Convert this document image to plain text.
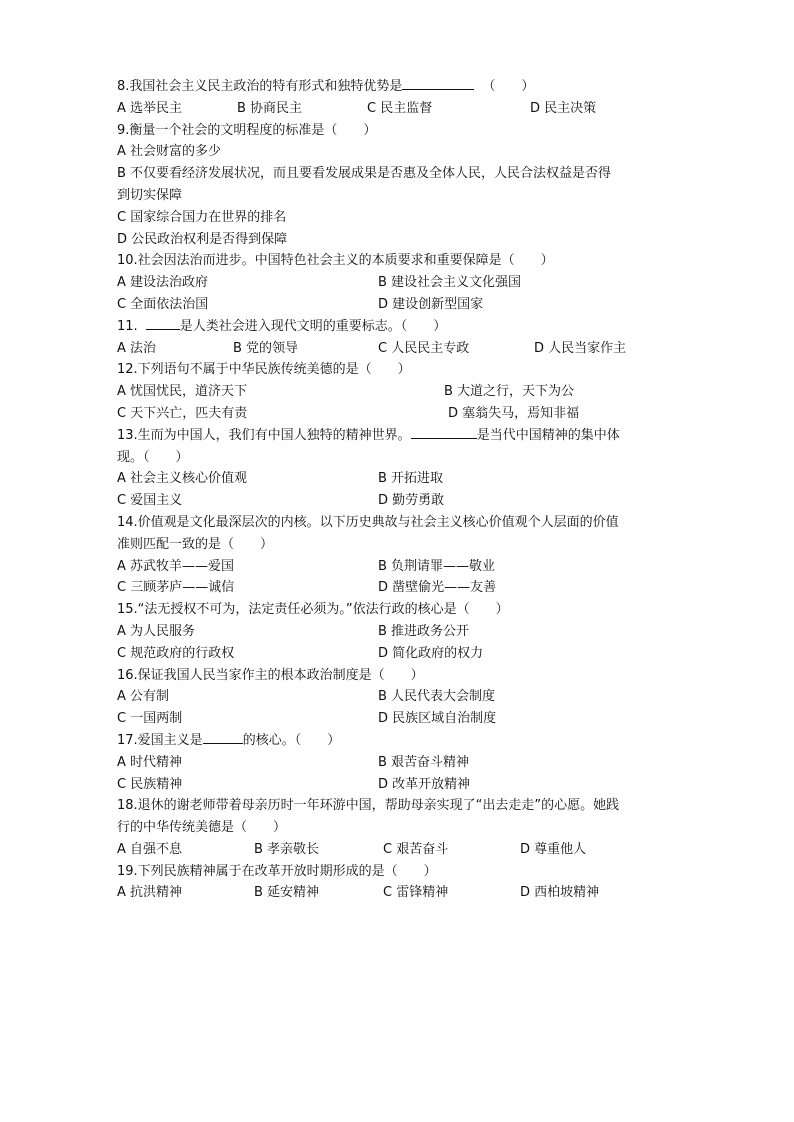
8.我国社会主义民主政治的特有形式和独特优势是	（　　）
A 选举民主	B 协商民主	C 民主监督	D 民主决策
9.衡量一个社会的文明程度的标准是（　　）
A 社会财富的多少
B 不仅要看经济发展状况，而且要看发展成果是否惠及全体人民，人民合法权益是否得
到切实保障
C 国家综合国力在世界的排名
D 公民政治权利是否得到保障
10.社会因法治而进步。中国特色社会主义的本质要求和重要保障是（　　）
A 建设法治政府	B 建设社会主义文化强国
C 全面依法治国	D 建设创新型国家
11.	是人类社会进入现代文明的重要标志。（　　）
A 法治	B 党的领导	C 人民民主专政	D 人民当家作主
12.下列语句不属于中华民族传统美德的是（　　）
A 忧国忧民，道济天下	B 大道之行，天下为公
C 天下兴亡，匹夫有责	D 塞翁失马，焉知非福
13.生而为中国人，我们有中国人独特的精神世界。	是当代中国精神的集中体
现。（　　）
A 社会主义核心价值观	B 开拓进取
C 爱国主义	D 勤劳勇敢
14.价值观是文化最深层次的内核。以下历史典故与社会主义核心价值观个人层面的价值
准则匹配一致的是（　　）
A 苏武牧羊——爱国	B 负荆请罪——敬业
C 三顾茅庐——诚信	D 凿壁偷光——友善
15.“法无授权不可为，法定责任必须为。”依法行政的核心是（　　）
A 为人民服务	B 推进政务公开
C 规范政府的行政权	D 简化政府的权力
16.保证我国人民当家作主的根本政治制度是（　　）
A 公有制	B 人民代表大会制度
C 一国两制	D 民族区域自治制度
17.爱国主义是	的核心。（　　）
A 时代精神	B 艰苦奋斗精神
C 民族精神	D 改革开放精神
18.退休的谢老师带着母亲历时一年环游中国，帮助母亲实现了“出去走走”的心愿。她践
行的中华传统美德是（　　）
A 自强不息	B 孝亲敬长	C 艰苦奋斗	D 尊重他人
19.下列民族精神属于在改革开放时期形成的是（　　）
A 抗洪精神	B 延安精神	C 雷锋精神	D 西柏坡精神
